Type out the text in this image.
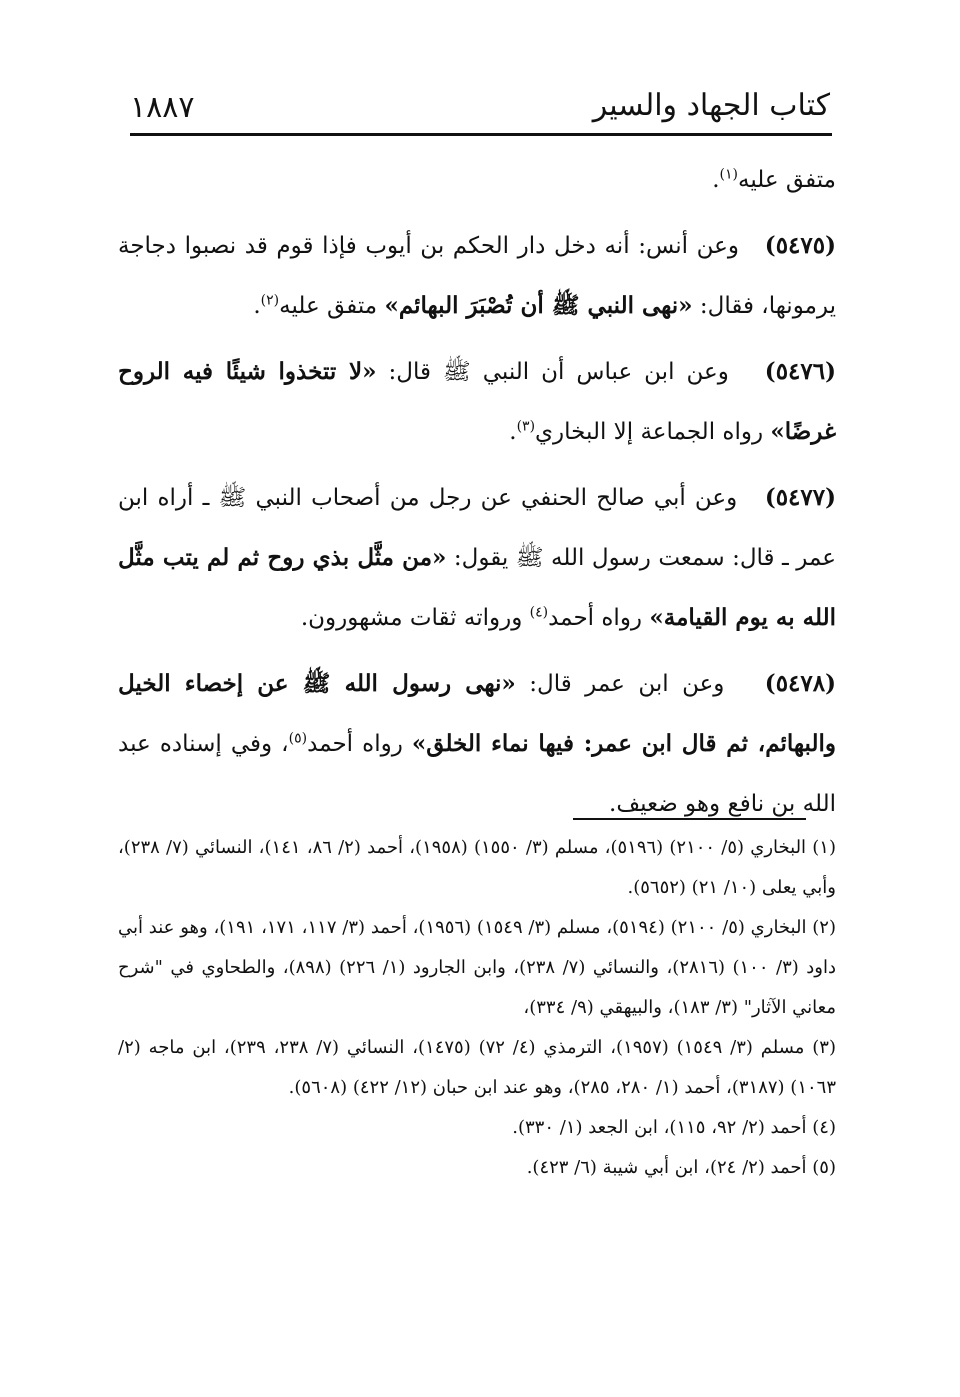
كتاب الجهاد والسير
١٨٨٧

متفق عليه$^{(١)}$.

(٥٤٧٥)   وعن أنس: أنه دخل دار الحكم بن أيوب فإذا قوم قد نصبوا دجاجة يرمونها، فقال: «نهى النبي ﷺ أن تُصْبَرَ البهائم» متفق عليه$^{(٢)}$.

(٥٤٧٦)   وعن ابن عباس أن النبي ﷺ قال: «لا تتخذوا شيئًا فيه الروح غرضًا» رواه الجماعة إلا البخاري$^{(٣)}$.

(٥٤٧٧)   وعن أبي صالح الحنفي عن رجل من أصحاب النبي ﷺ ـ أراه ابن عمر ـ قال: سمعت رسول الله ﷺ يقول: «من مثَّل بذي روح ثم لم يتب مثَّل الله به يوم القيامة» رواه أحمد$^{(٤)}$ ورواته ثقات مشهورون.

(٥٤٧٨)   وعن ابن عمر قال: «نهى رسول الله ﷺ عن إخصاء الخيل والبهائم، ثم قال ابن عمر: فيها نماء الخلق» رواه أحمد$^{(٥)}$، وفي إسناده عبد الله بن نافع وهو ضعيف.

(١) البخاري (٥/ ٢١٠٠) (٥١٩٦)، مسلم (٣/ ١٥٥٠) (١٩٥٨)، أحمد (٢/ ٨٦، ١٤١)، النسائي (٧/ ٢٣٨)، وأبي يعلى (١٠/ ٢١) (٥٦٥٢).

(٢) البخاري (٥/ ٢١٠٠) (٥١٩٤)، مسلم (٣/ ١٥٤٩) (١٩٥٦)، أحمد (٣/ ١١٧، ١٧١، ١٩١)، وهو عند أبي داود (٣/ ١٠٠) (٢٨١٦)، والنسائي (٧/ ٢٣٨)، وابن الجارود (١/ ٢٢٦) (٨٩٨)، والطحاوي في "شرح معاني الآثار" (٣/ ١٨٣)، والبيهقي (٩/ ٣٣٤)،

(٣) مسلم (٣/ ١٥٤٩) (١٩٥٧)، الترمذي (٤/ ٧٢) (١٤٧٥)، النسائي (٧/ ٢٣٨، ٢٣٩)، ابن ماجه (٢/ ١٠٦٣) (٣١٨٧)، أحمد (١/ ٢٨٠، ٢٨٥)، وهو عند ابن حبان (١٢/ ٤٢٢) (٥٦٠٨).

(٤) أحمد (٢/ ٩٢، ١١٥)، ابن الجعد (١/ ٣٣٠).

(٥) أحمد (٢/ ٢٤)، ابن أبي شيبة (٦/ ٤٢٣).
